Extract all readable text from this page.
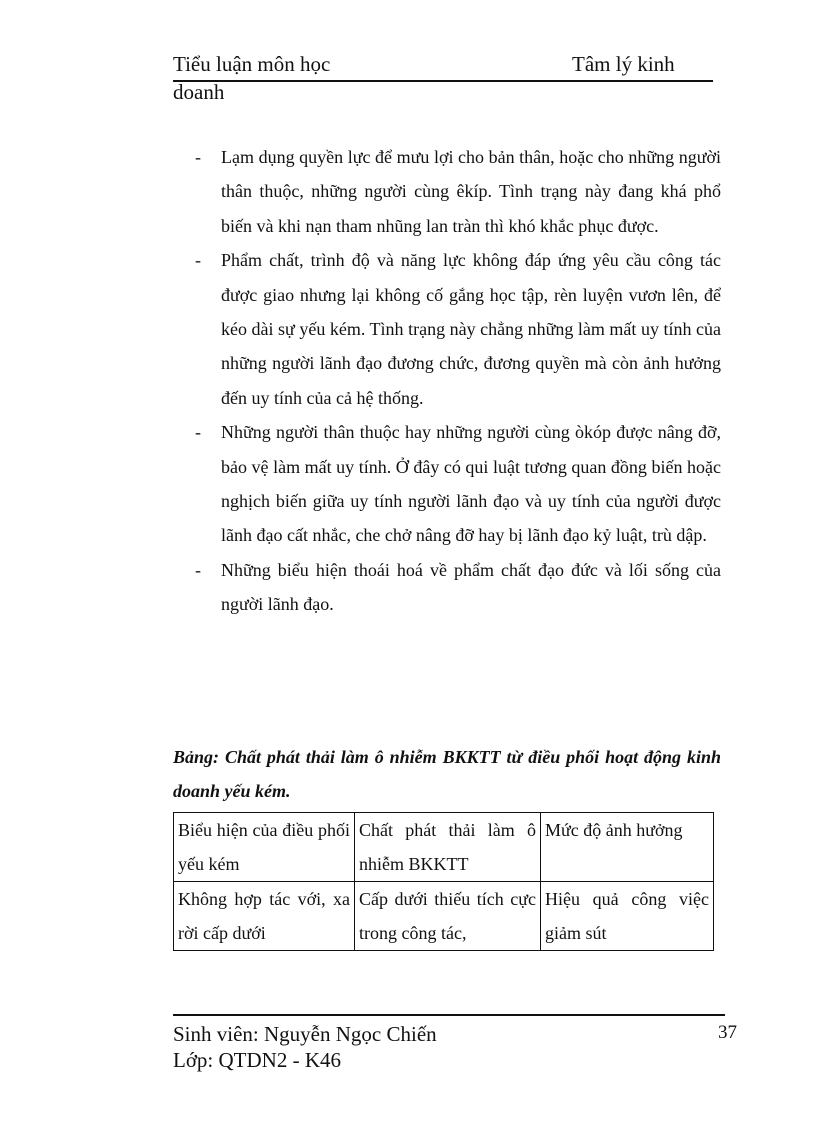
Tiểu luận môn học	Tâm lý kinh
doanh
- Lạm dụng quyền lực để mưu lợi cho bản thân, hoặc cho những người thân thuộc, những người cùng êkíp. Tình trạng này đang khá phổ biến và khi nạn tham nhũng lan tràn thì khó khắc phục được.
- Phẩm chất, trình độ và năng lực không đáp ứng yêu cầu công tác được giao nhưng lại không cố gắng học tập, rèn luyện vươn lên, để kéo dài sự yếu kém. Tình trạng này chẳng những làm mất uy tính của những người lãnh đạo đương chức, đương quyền mà còn ảnh hưởng đến uy tính của cả hệ thống.
- Những người thân thuộc hay những người cùng òkóp được nâng đỡ, bảo vệ làm mất uy tính. Ở đây có qui luật tương quan đồng biến hoặc nghịch biến giữa uy tính người lãnh đạo và uy tính của người được lãnh đạo cất nhắc, che chở nâng đỡ hay bị lãnh đạo kỷ luật, trù dập.
- Những biểu hiện thoái hoá về phẩm chất đạo đức và lối sống của người lãnh đạo.
Bảng: Chất phát thải làm ô nhiễm BKKTT từ điều phối hoạt động kinh doanh yếu kém.
Biểu hiện của điều phối yếu kém	Chất phát thải làm ô nhiễm BKKTT	Mức độ ảnh hưởng
Không hợp tác với, xa rời cấp dưới	Cấp dưới thiếu tích cực trong công tác,	Hiệu quả công việc giảm sút
Sinh viên: Nguyễn Ngọc Chiến
Lớp: QTDN2 - K46
37
